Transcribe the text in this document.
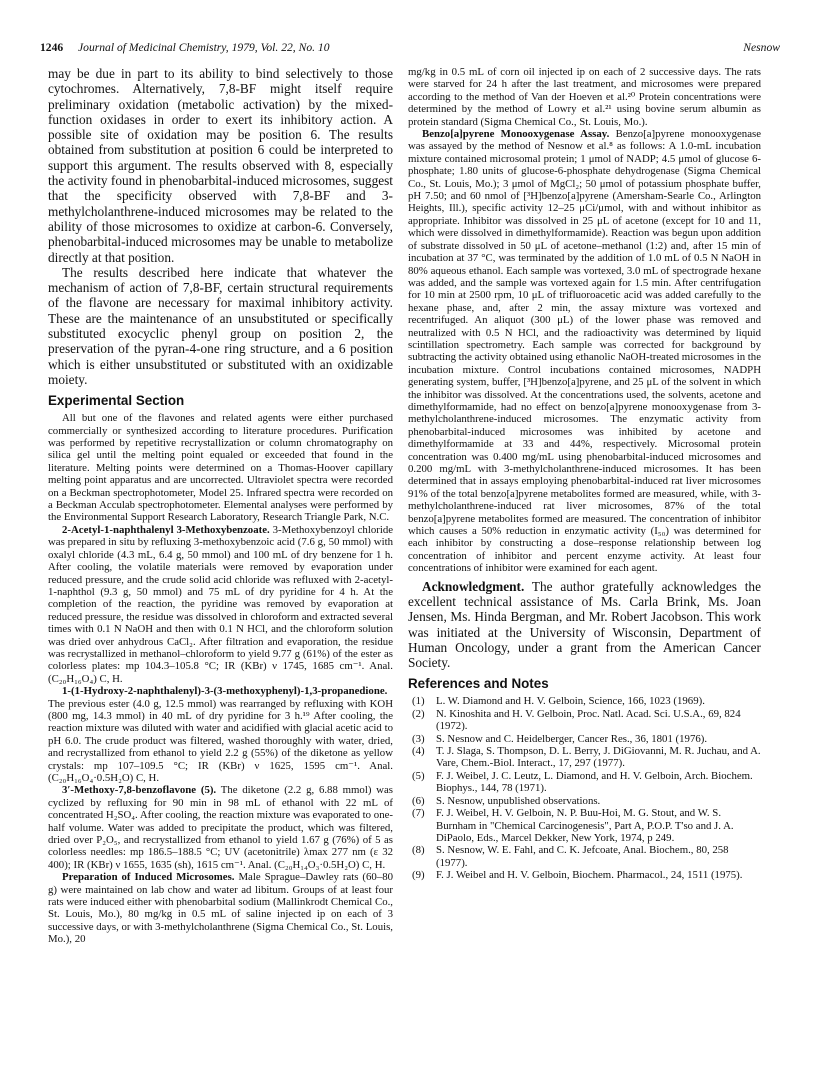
1246 Journal of Medicinal Chemistry, 1979, Vol. 22, No. 10	Nesnow

may be due in part to its ability to bind selectively to those cytochromes. Alternatively, 7,8-BF might itself require preliminary oxidation (metabolic activation) by the mixed-function oxidases in order to exert its inhibitory action. A possible site of oxidation may be position 6. The results obtained from substitution at position 6 could be interpreted to support this argument. The results observed with 8, especially the activity found in phenobarbital-induced microsomes, suggest that the specificity observed with 7,8-BF and 3-methylcholanthrene-induced microsomes may be related to the ability of those microsomes to oxidize at carbon-6. Conversely, phenobarbital-induced microsomes may be unable to metabolize directly at that position.

The results described here indicate that whatever the mechanism of action of 7,8-BF, certain structural requirements of the flavone are necessary for maximal inhibitory activity. These are the maintenance of an unsubstituted or specifically substituted exocyclic phenyl group on position 2, the preservation of the pyran-4-one ring structure, and a 6 position which is either unsubstituted or substituted with an oxidizable moiety.

Experimental Section

All but one of the flavones and related agents were either purchased commercially or synthesized according to literature procedures. Purification was performed by repetitive recrystallization or column chromatography on silica gel until the melting point equaled or exceeded that found in the literature. Melting points were determined on a Thomas-Hoover capillary melting point apparatus and are uncorrected. Ultraviolet spectra were recorded on a Beckman spectrophotometer, Model 25. Infrared spectra were recorded on a Beckman Acculab spectrophotometer. Elemental analyses were performed by the Environmental Support Research Laboratory, Research Triangle Park, N.C.

2-Acetyl-1-naphthalenyl 3-Methoxybenzoate. 3-Methoxybenzoyl chloride was prepared in situ by refluxing 3-methoxybenzoic acid (7.6 g, 50 mmol) with oxalyl chloride (4.3 mL, 6.4 g, 50 mmol) and 100 mL of dry benzene for 1 h. After cooling, the volatile materials were removed by evaporation under reduced pressure, and the crude solid acid chloride was refluxed with 2-acetyl-1-naphthol (9.3 g, 50 mmol) and 75 mL of dry pyridine for 4 h. At the completion of the reaction, the pyridine was removed by evaporation at reduced pressure, the residue was dissolved in chloroform and extracted several times with 0.1 N NaOH and then with 0.1 N HCl, and the chloroform solution was dried over anhydrous CaCl₂. After filtration and evaporation, the residue was recrystallized in methanol–chloroform to yield 9.77 g (61%) of the ester as colorless plates: mp 104.3–105.8 °C; IR (KBr) ν 1745, 1685 cm⁻¹. Anal. (C₂₀H₁₆O₄) C, H.

1-(1-Hydroxy-2-naphthalenyl)-3-(3-methoxyphenyl)-1,3-propanedione. The previous ester (4.0 g, 12.5 mmol) was rearranged by refluxing with KOH (800 mg, 14.3 mmol) in 40 mL of dry pyridine for 3 h.¹⁹ After cooling, the reaction mixture was diluted with water and acidified with glacial acetic acid to pH 6.0. The crude product was filtered, washed thoroughly with water, dried, and recrystallized from ethanol to yield 2.2 g (55%) of the diketone as yellow crystals: mp 107–109.5 °C; IR (KBr) ν 1625, 1595 cm⁻¹. Anal. (C₂₀H₁₆O₄·0.5H₂O) C, H.

3′-Methoxy-7,8-benzoflavone (5). The diketone (2.2 g, 6.88 mmol) was cyclized by refluxing for 90 min in 98 mL of ethanol with 22 mL of concentrated H₂SO₄. After cooling, the reaction mixture was evaporated to one-half volume. Water was added to precipitate the product, which was filtered, dried over P₂O₅, and recrystallized from ethanol to yield 1.67 g (76%) of 5 as colorless needles: mp 186.5–188.5 °C; UV (acetonitrile) λmax 277 nm (ε 32 400); IR (KBr) ν 1655, 1635 (sh), 1615 cm⁻¹. Anal. (C₂₀H₁₄O₃·0.5H₂O) C, H.

Preparation of Induced Microsomes. Male Sprague–Dawley rats (60–80 g) were maintained on lab chow and water ad libitum. Groups of at least four rats were induced either with phenobarbital sodium (Mallinkrodt Chemical Co., St. Louis, Mo.), 80 mg/kg in 0.5 mL of saline injected ip on each of 3 successive days, or with 3-methylcholanthrene (Sigma Chemical Co., St. Louis, Mo.), 20

mg/kg in 0.5 mL of corn oil injected ip on each of 2 successive days. The rats were starved for 24 h after the last treatment, and microsomes were prepared according to the method of Van der Hoeven et al.²⁰ Protein concentrations were determined by the method of Lowry et al.²¹ using bovine serum albumin as protein standard (Sigma Chemical Co., St. Louis, Mo.).

Benzo[a]pyrene Monooxygenase Assay. Benzo[a]pyrene monooxygenase was assayed by the method of Nesnow et al.⁸ as follows: A 1.0-mL incubation mixture contained microsomal protein; 1 μmol of NADP; 4.5 μmol of glucose 6-phosphate; 1.80 units of glucose-6-phosphate dehydrogenase (Sigma Chemical Co., St. Louis, Mo.); 3 μmol of MgCl₂; 50 μmol of potassium phosphate buffer, pH 7.50; and 60 nmol of [³H]benzo[a]pyrene (Amersham-Searle Co., Arlington Heights, Ill.), specific activity 12–25 μCi/μmol, with and without inhibitor as appropriate. Inhibitor was dissolved in 25 μL of acetone (except for 10 and 11, which were dissolved in dimethylformamide). Reaction was begun upon addition of substrate dissolved in 50 μL of acetone–methanol (1:2) and, after 15 min of incubation at 37 °C, was terminated by the addition of 1.0 mL of 0.5 N NaOH in 80% aqueous ethanol. Each sample was vortexed, 3.0 mL of spectrograde hexane was added, and the sample was vortexed again for 1.5 min. After centrifugation for 10 min at 2500 rpm, 10 μL of trifluoroacetic acid was added carefully to the hexane phase, and, after 2 min, the assay mixture was vortexed and recentrifuged. An aliquot (300 μL) of the lower phase was removed and neutralized with 0.5 N HCl, and the radioactivity was determined by liquid scintillation spectrometry. Each sample was corrected for background by subtracting the activity obtained using ethanolic NaOH-treated microsomes in the incubation mixture. Control incubations contained microsomes, NADPH generating system, buffer, [³H]benzo[a]pyrene, and 25 μL of the solvent in which the inhibitor was dissolved. At the concentrations used, the solvents, acetone and dimethylformamide, had no effect on benzo[a]pyrene monooxygenase from 3-methylcholanthrene-induced microsomes. The enzymatic activity from phenobarbital-induced microsomes was inhibited by acetone and dimethylformamide at 33 and 44%, respectively. Microsomal protein concentration was 0.400 mg/mL using phenobarbital-induced microsomes and 0.200 mg/mL with 3-methylcholanthrene-induced microsomes. It has been determined that in assays employing phenobarbital-induced rat liver microsomes 91% of the total benzo[a]pyrene metabolites formed are measured, while, with 3-methylcholanthrene-induced rat liver microsomes, 87% of the total benzo[a]pyrene metabolites formed are measured. The concentration of inhibitor which causes a 50% reduction in enzymatic activity (I₅₀) was determined for each inhibitor by constructing a dose–response relationship between log concentration of inhibitor and percent enzyme activity. At least four concentrations of inhibitor were examined for each agent.

Acknowledgment. The author gratefully acknowledges the excellent technical assistance of Ms. Carla Brink, Ms. Joan Jensen, Ms. Hinda Bergman, and Mr. Robert Jacobson. This work was initiated at the University of Wisconsin, Department of Human Oncology, under a grant from the American Cancer Society.

References and Notes
(1) L. W. Diamond and H. V. Gelboin, Science, 166, 1023 (1969).
(2) N. Kinoshita and H. V. Gelboin, Proc. Natl. Acad. Sci. U.S.A., 69, 824 (1972).
(3) S. Nesnow and C. Heidelberger, Cancer Res., 36, 1801 (1976).
(4) T. J. Slaga, S. Thompson, D. L. Berry, J. DiGiovanni, M. R. Juchau, and A. Vare, Chem.-Biol. Interact., 17, 297 (1977).
(5) F. J. Weibel, J. C. Leutz, L. Diamond, and H. V. Gelboin, Arch. Biochem. Biophys., 144, 78 (1971).
(6) S. Nesnow, unpublished observations.
(7) F. J. Weibel, H. V. Gelboin, N. P. Buu-Hoi, M. G. Stout, and W. S. Burnham in "Chemical Carcinogenesis", Part A, P.O.P. T'so and J. A. DiPaolo, Eds., Marcel Dekker, New York, 1974, p 249.
(8) S. Nesnow, W. E. Fahl, and C. K. Jefcoate, Anal. Biochem., 80, 258 (1977).
(9) F. J. Weibel and H. V. Gelboin, Biochem. Pharmacol., 24, 1511 (1975).
